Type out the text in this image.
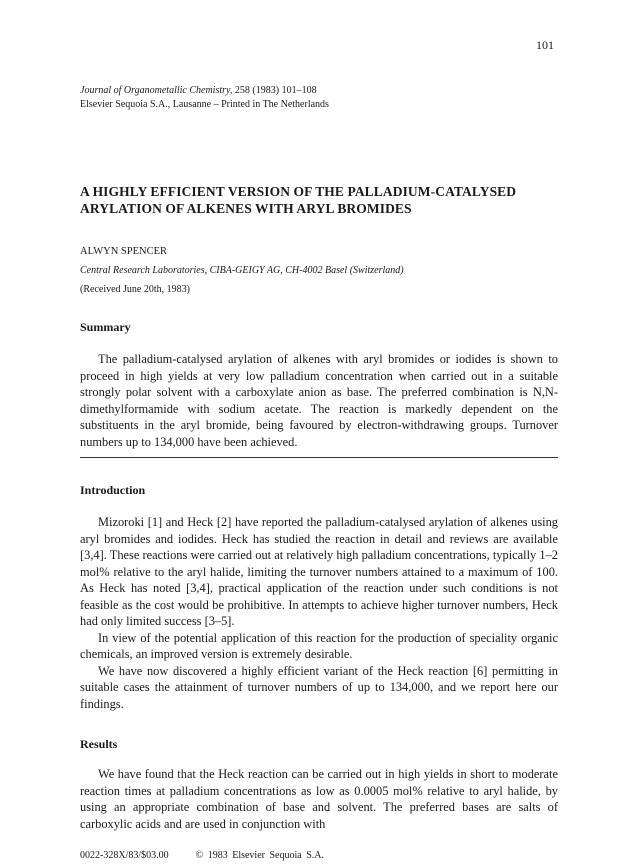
101
Journal of Organometallic Chemistry, 258 (1983) 101–108
Elsevier Sequoia S.A., Lausanne – Printed in The Netherlands
A HIGHLY EFFICIENT VERSION OF THE PALLADIUM-CATALYSED
ARYLATION OF ALKENES WITH ARYL BROMIDES
ALWYN SPENCER
Central Research Laboratories, CIBA-GEIGY AG, CH-4002 Basel (Switzerland)
(Received June 20th, 1983)
Summary

The palladium-catalysed arylation of alkenes with aryl bromides or iodides is shown to proceed in high yields at very low palladium concentration when carried out in a suitable strongly polar solvent with a carboxylate anion as base. The preferred combination is N,N-dimethylformamide with sodium acetate. The reaction is markedly dependent on the substituents in the aryl bromide, being favoured by electron-withdrawing groups. Turnover numbers up to 134,000 have been achieved.

Introduction

Mizoroki [1] and Heck [2] have reported the palladium-catalysed arylation of alkenes using aryl bromides and iodides. Heck has studied the reaction in detail and reviews are available [3,4]. These reactions were carried out at relatively high palladium concentrations, typically 1–2 mol% relative to the aryl halide, limiting the turnover numbers attained to a maximum of 100. As Heck has noted [3,4], practical application of the reaction under such conditions is not feasible as the cost would be prohibitive. In attempts to achieve higher turnover numbers, Heck had only limited success [3–5].

In view of the potential application of this reaction for the production of speciality organic chemicals, an improved version is extremely desirable.

We have now discovered a highly efficient variant of the Heck reaction [6] permitting in suitable cases the attainment of turnover numbers of up to 134,000, and we report here our findings.

Results

We have found that the Heck reaction can be carried out in high yields in short to moderate reaction times at palladium concentrations as low as 0.0005 mol% relative to aryl halide, by using an appropriate combination of base and solvent. The preferred bases are salts of carboxylic acids and are used in conjunction with

0022-328X/83/$03.00	© 1983 Elsevier Sequoia S.A.
